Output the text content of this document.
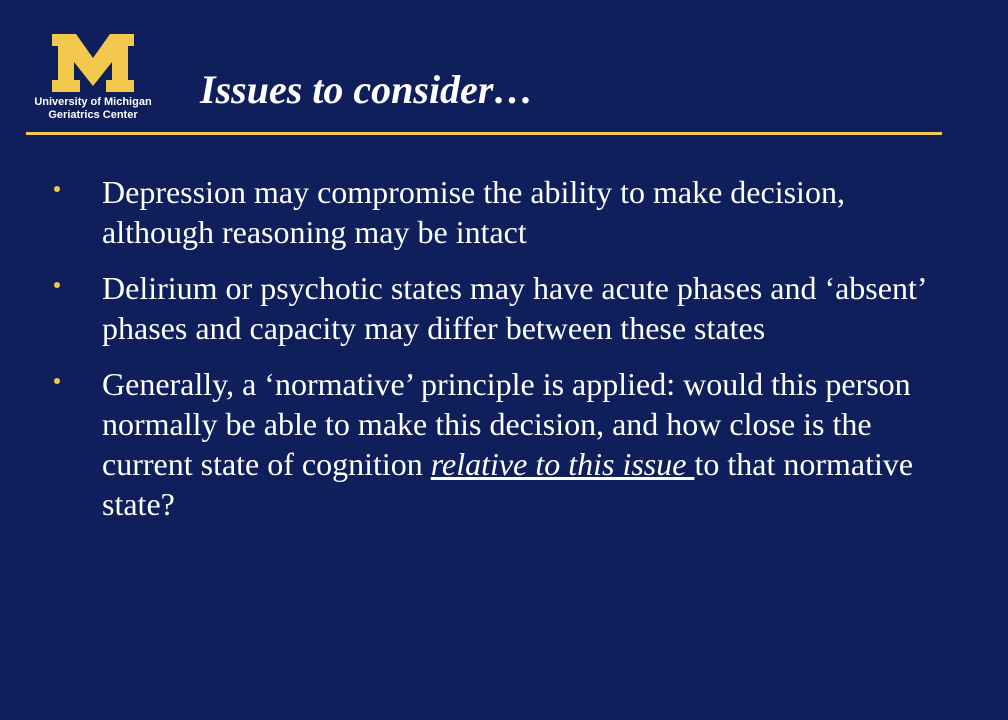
University of Michigan
Geriatrics Center
Issues to consider…
Depression may compromise the ability to make decision, although reasoning may be intact
Delirium or psychotic states may have acute phases and ‘absent’ phases and capacity may differ between these states
Generally, a ‘normative’ principle is applied: would this person normally be able to make this decision, and how close is the current state of cognition relative to this issue to that normative state?
